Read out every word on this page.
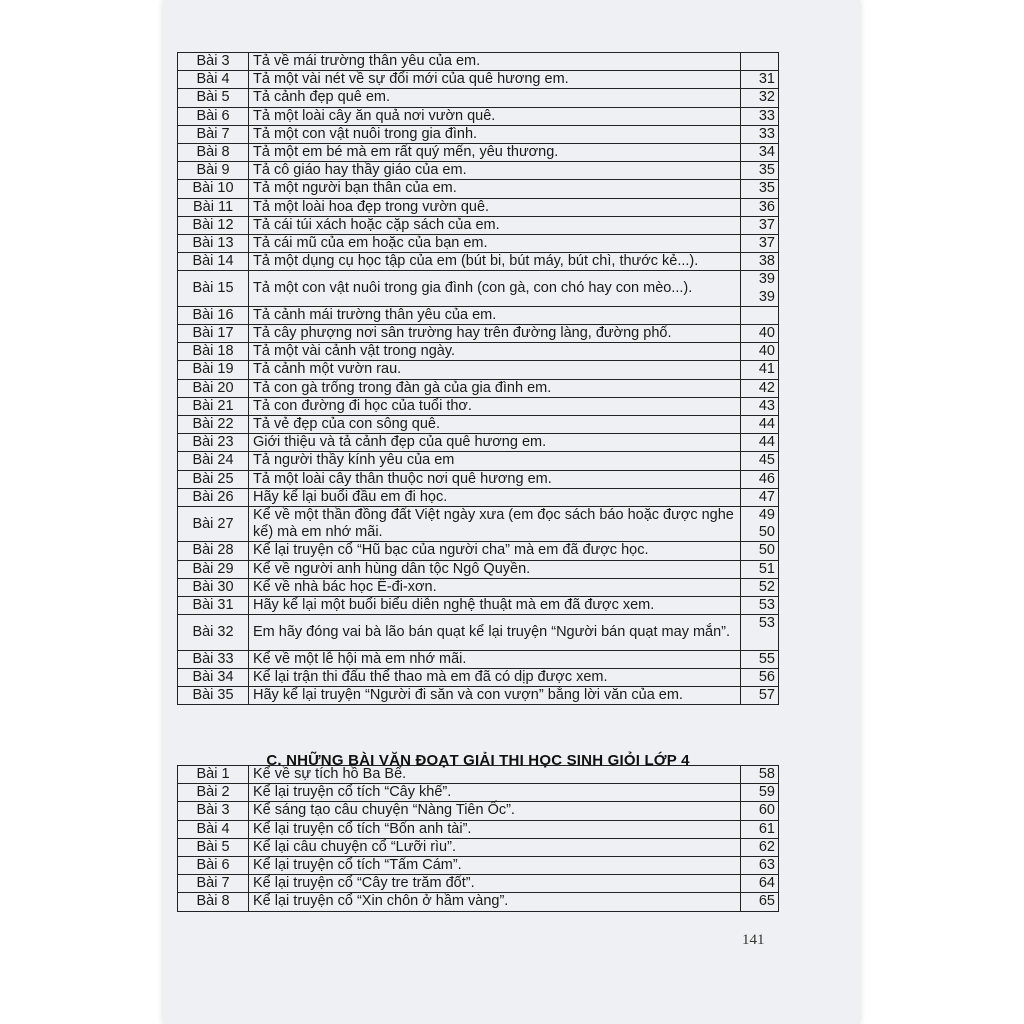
Bài 3	Tả về mái trường thân yêu của em.	

Bài 4	Tả một vài nét về sự đổi mới của quê hương em.	31

Bài 5	Tả cảnh đẹp quê em.	32

Bài 6	Tả một loài cây ăn quả nơi vườn quê.	33

Bài 7	Tả một con vật nuôi trong gia đình.	33

Bài 8	Tả một em bé mà em rất quý mến, yêu thương.	34

Bài 9	Tả cô giáo hay thầy giáo của em.	35

Bài 10	Tả một người bạn thân của em.	35

Bài 11	Tả một loài hoa đẹp trong vườn quê.	36

Bài 12	Tả cái túi xách hoặc cặp sách của em.	37

Bài 13	Tả cái mũ của em hoặc của bạn em.	37

Bài 14	Tả một dụng cụ học tập của em (bút bi, bút máy, bút chì, thước kẻ...).	38

Bài 15	Tả một con vật nuôi trong gia đình (con gà, con chó hay con mèo...).	39
39

Bài 16	Tả cảnh mái trường thân yêu của em.	

Bài 17	Tả cây phượng nơi sân trường hay trên đường làng, đường phố.	40

Bài 18	Tả một vài cảnh vật trong ngày.	40

Bài 19	Tả cảnh một vườn rau.	41

Bài 20	Tả con gà trống trong đàn gà của gia đình em.	42

Bài 21	Tả con đường đi học của tuổi thơ.	43

Bài 22	Tả vẻ đẹp của con sông quê.	44

Bài 23	Giới thiệu và tả cảnh đẹp của quê hương em.	44

Bài 24	Tả người thầy kính yêu của em	45

Bài 25	Tả một loài cây thân thuộc nơi quê hương em.	46

Bài 26	Hãy kể lại buổi đầu em đi học.	47

Bài 27	Kể về một thần đồng đất Việt ngày xưa (em đọc sách báo hoặc được nghe kể) mà em nhớ mãi.	49
50

Bài 28	Kể lại truyện cổ “Hũ bạc của người cha” mà em đã được học.	50

Bài 29	Kể về người anh hùng dân tộc Ngô Quyền.	51

Bài 30	Kể về nhà bác học Ê-đi-xơn.	52

Bài 31	Hãy kể lại một buổi biểu diễn nghệ thuật mà em đã được xem.	53

Bài 32	Em hãy đóng vai bà lão bán quạt kể lại truyện “Người bán quạt may mắn”.	53

Bài 33	Kể về một lễ hội mà em nhớ mãi.	55

Bài 34	Kể lại trận thi đấu thể thao mà em đã có dịp được xem.	56

Bài 35	Hãy kể lại truyện “Người đi săn và con vượn” bằng lời văn của em.	57
C. NHỮNG BÀI VĂN ĐOẠT GIẢI THI HỌC SINH GIỎI LỚP 4
Bài 1	Kể về sự tích hồ Ba Bể.	58

Bài 2	Kể lại truyện cổ tích “Cây khế”.	59

Bài 3	Kể sáng tạo câu chuyện “Nàng Tiên Ốc”.	60

Bài 4	Kể lại truyện cổ tích “Bốn anh tài”.	61

Bài 5	Kể lại câu chuyện cổ “Lưỡi rìu”.	62

Bài 6	Kể lại truyện cổ tích “Tấm Cám”.	63

Bài 7	Kể lại truyện cổ “Cây tre trăm đốt”.	64

Bài 8	Kể lại truyện cổ “Xin chôn ở hầm vàng”.	65
141
